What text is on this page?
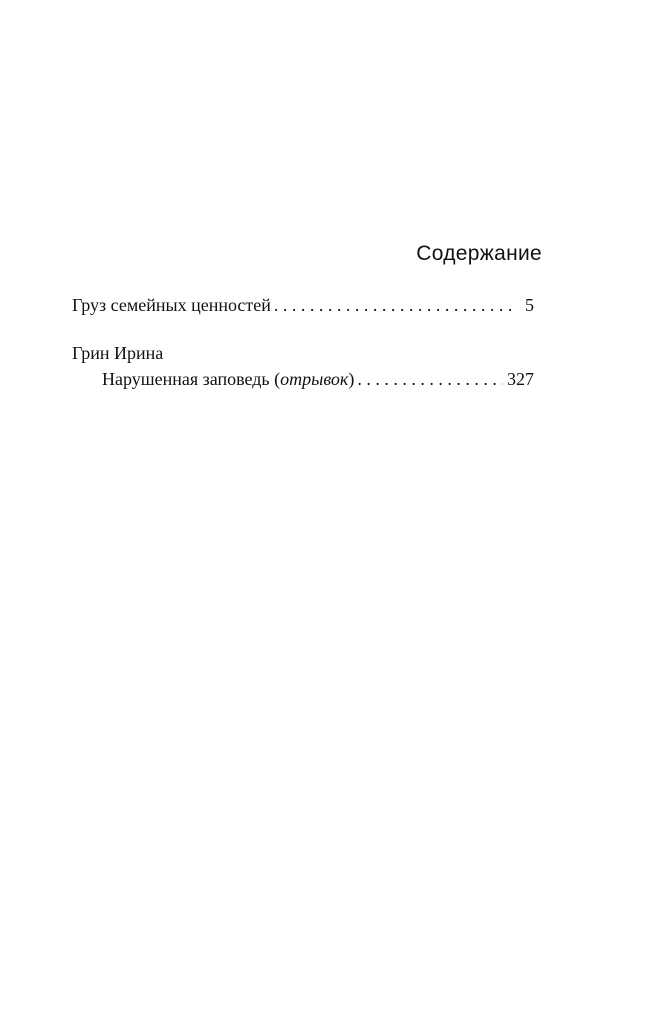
Содержание
Груз семейных ценностей . . .	5
Грин Ирина
Нарушенная заповедь (отрывок) . . .	327
